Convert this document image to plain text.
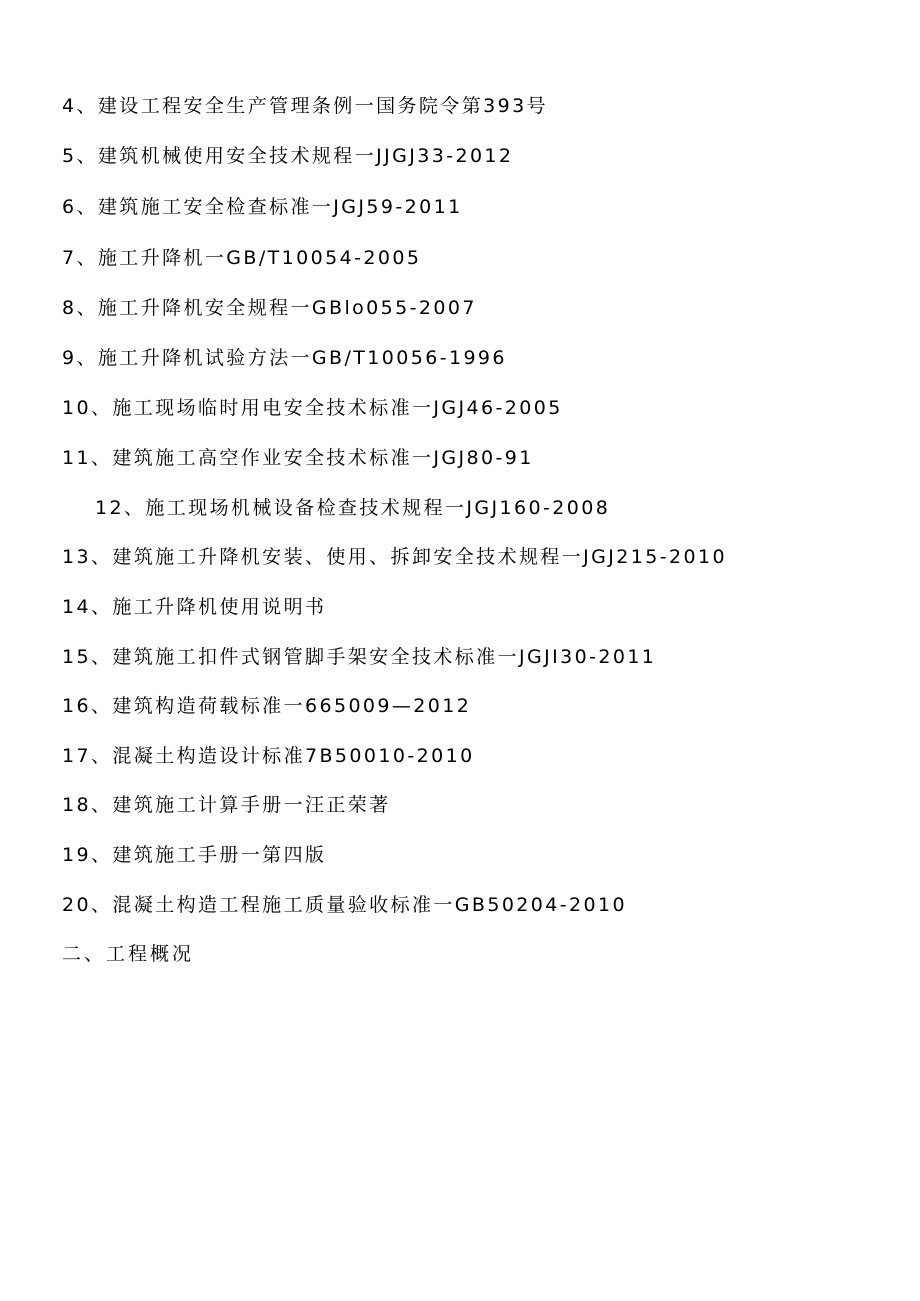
4、建设工程安全生产管理条例一国务院令第393号
5、建筑机械使用安全技术规程一JJGJ33-2012
6、建筑施工安全检查标准一JGJ59-2011
7、施工升降机一GB/T10054-2005
8、施工升降机安全规程一GBlo055-2007
9、施工升降机试验方法一GB/T10056-1996
10、施工现场临时用电安全技术标准一JGJ46-2005
11、建筑施工高空作业安全技术标准一JGJ80-91
12、施工现场机械设备检查技术规程一JGJ160-2008
13、建筑施工升降机安装、使用、拆卸安全技术规程一JGJ215-2010
14、施工升降机使用说明书
15、建筑施工扣件式钢管脚手架安全技术标准一JGJI30-2011
16、建筑构造荷载标准一665009—2012
17、混凝土构造设计标准7B50010-2010
18、建筑施工计算手册一汪正荣著
19、建筑施工手册一第四版
20、混凝土构造工程施工质量验收标准一GB50204-2010
二、工程概况
